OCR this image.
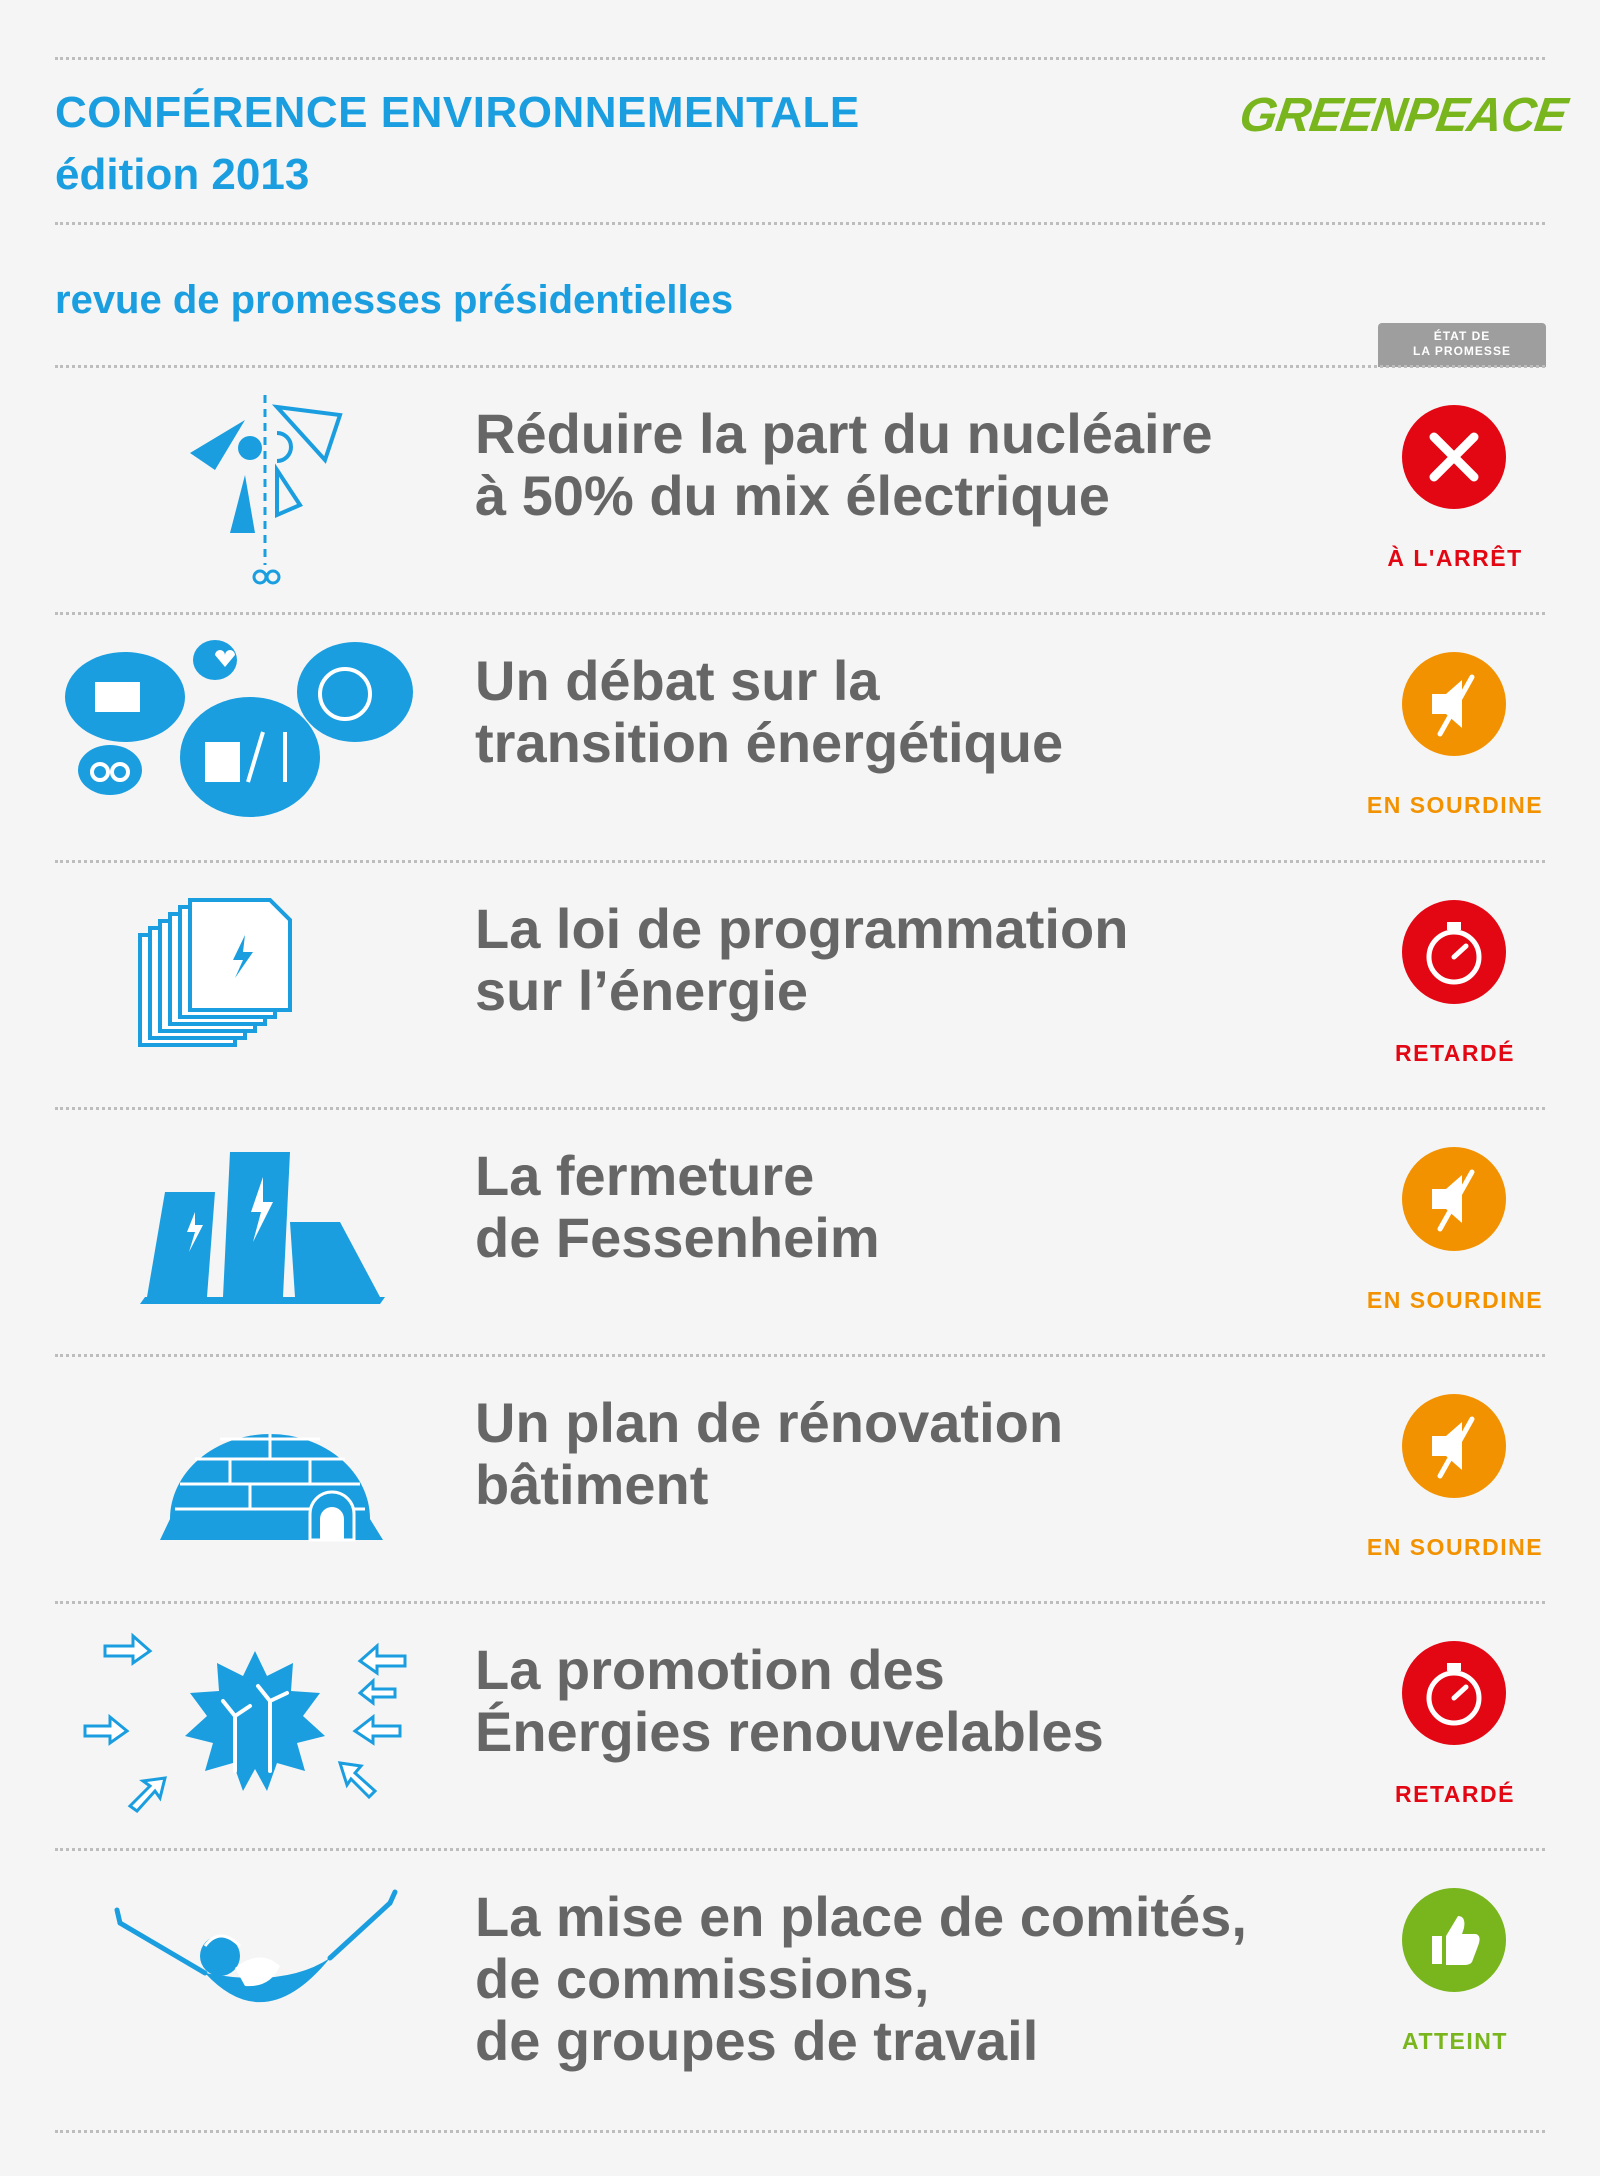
CONFÉRENCE ENVIRONNEMENTALE
édition 2013
GREENPEACE
revue de promesses présidentielles
ÉTAT DE
LA PROMESSE
Réduire la part du nucléaire
à 50% du mix électrique
À L'ARRÊT
Un débat sur la
transition énergétique
EN SOURDINE
La loi de programmation
sur l’énergie
RETARDÉ
La fermeture
de Fessenheim
EN SOURDINE
Un plan de rénovation
bâtiment
EN SOURDINE
La promotion des
Énergies renouvelables
RETARDÉ
La mise en place de comités,
de commissions,
de groupes de travail	ATTEINT
